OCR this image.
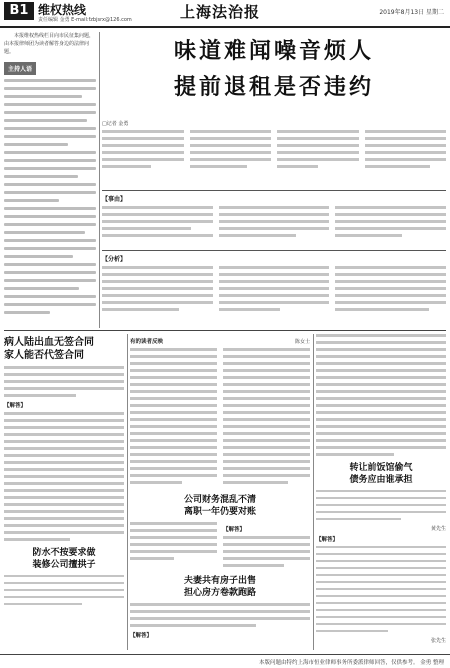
B1 维权热线
责任编辑 金勇 E-mail:fzbjsrx@126.com	上海法治报	2019年8月13日 星期二
本报维权热线栏目向市民征集问题，由本报律师团为读者解答身边的法律问题。
主持人语
味道难闻噪音烦人
提前退租是否违约
□记者 金勇
【事由】
【分析】
病人陆出血无签合同
家人能否代签合同
【解答】
防水不按要求做
装修公司擅拱子
有的读者反映	陈女士
公司财务混乱不清
离职一年仍要对账
【解答】
夫妻共有房子出售
担心房方卷款跑路
【解答】
转让前饭馆偷气
债务应由谁承担
黄先生
【解答】
张先生
本版问题由特约上海市恒业律师事务所委派律师回答，仅供参考。 金勇 整理
